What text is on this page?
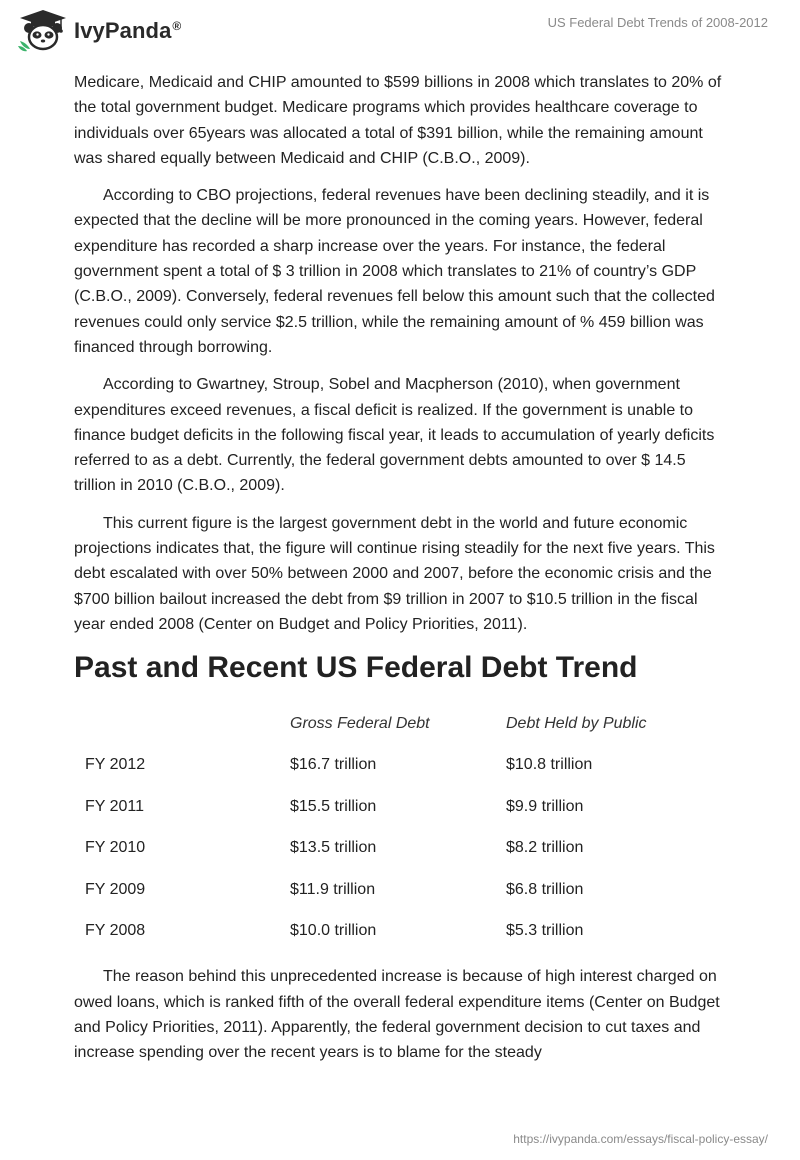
IvyPanda®	US Federal Debt Trends of 2008-2012

Medicare, Medicaid and CHIP amounted to $599 billions in 2008 which translates to 20% of the total government budget. Medicare programs which provides healthcare coverage to individuals over 65years was allocated a total of $391 billion, while the remaining amount was shared equally between Medicaid and CHIP (C.B.O., 2009).

According to CBO projections, federal revenues have been declining steadily, and it is expected that the decline will be more pronounced in the coming years. However, federal expenditure has recorded a sharp increase over the years. For instance, the federal government spent a total of $ 3 trillion in 2008 which translates to 21% of country’s GDP (C.B.O., 2009). Conversely, federal revenues fell below this amount such that the collected revenues could only service $2.5 trillion, while the remaining amount of % 459 billion was financed through borrowing.

According to Gwartney, Stroup, Sobel and Macpherson (2010), when government expenditures exceed revenues, a fiscal deficit is realized. If the government is unable to finance budget deficits in the following fiscal year, it leads to accumulation of yearly deficits referred to as a debt. Currently, the federal government debts amounted to over $ 14.5 trillion in 2010 (C.B.O., 2009).

This current figure is the largest government debt in the world and future economic projections indicates that, the figure will continue rising steadily for the next five years. This debt escalated with over 50% between 2000 and 2007, before the economic crisis and the $700 billion bailout increased the debt from $9 trillion in 2007 to $10.5 trillion in the fiscal year ended 2008 (Center on Budget and Policy Priorities, 2011).

Past and Recent US Federal Debt Trend
	Gross Federal Debt	Debt Held by Public
FY 2012	$16.7 trillion	$10.8 trillion
FY 2011	$15.5 trillion	$9.9 trillion
FY 2010	$13.5 trillion	$8.2 trillion
FY 2009	$11.9 trillion	$6.8 trillion
FY 2008	$10.0 trillion	$5.3 trillion

The reason behind this unprecedented increase is because of high interest charged on owed loans, which is ranked fifth of the overall federal expenditure items (Center on Budget and Policy Priorities, 2011). Apparently, the federal government decision to cut taxes and increase spending over the recent years is to blame for the steady

https://ivypanda.com/essays/fiscal-policy-essay/
